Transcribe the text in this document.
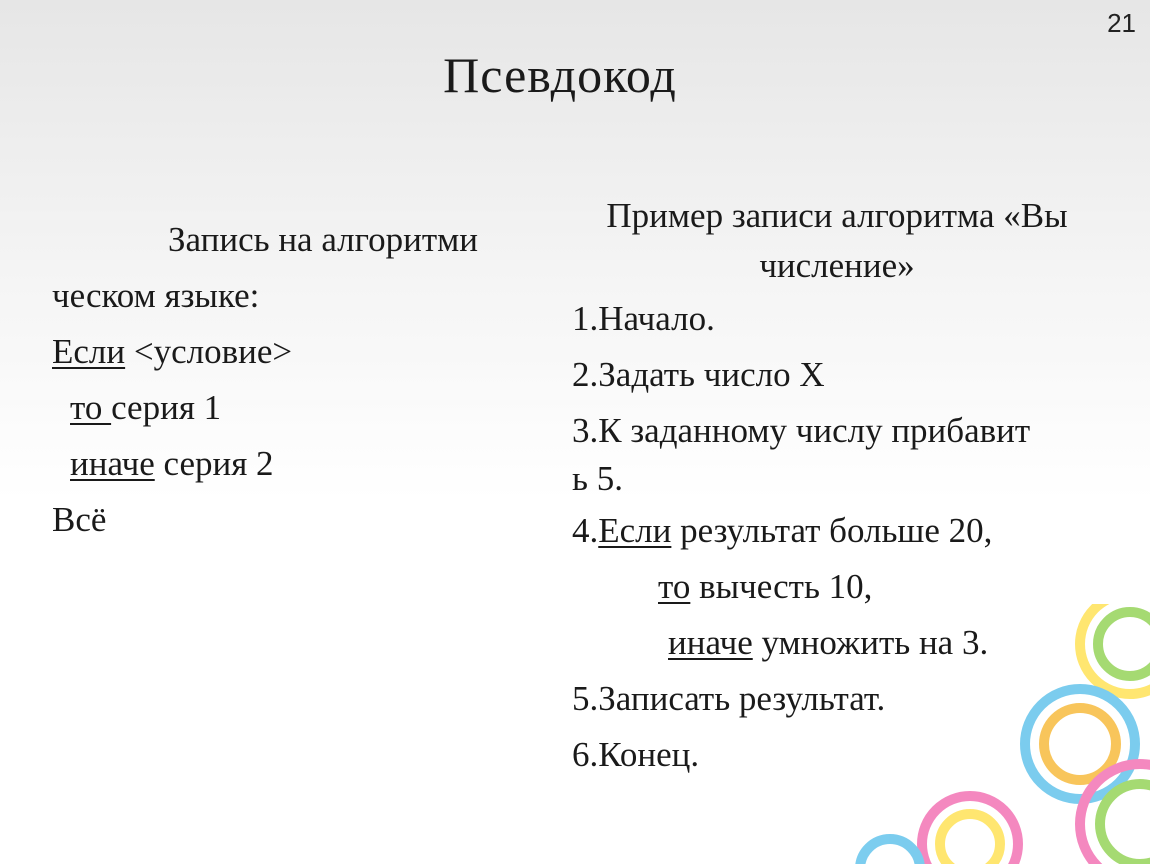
21
Псевдокод
Запись на алгоритми
ческом языке:
Если <условие>
то серия 1
иначе серия 2
Всё
Пример записи алгоритма «Вы
числение»
1.Начало.
2.Задать число Х
3.К заданному числу прибавит
ь 5.
4.Если результат больше 20,
то вычесть 10,
иначе умножить на 3.
5.Записать результат.
6.Конец.
